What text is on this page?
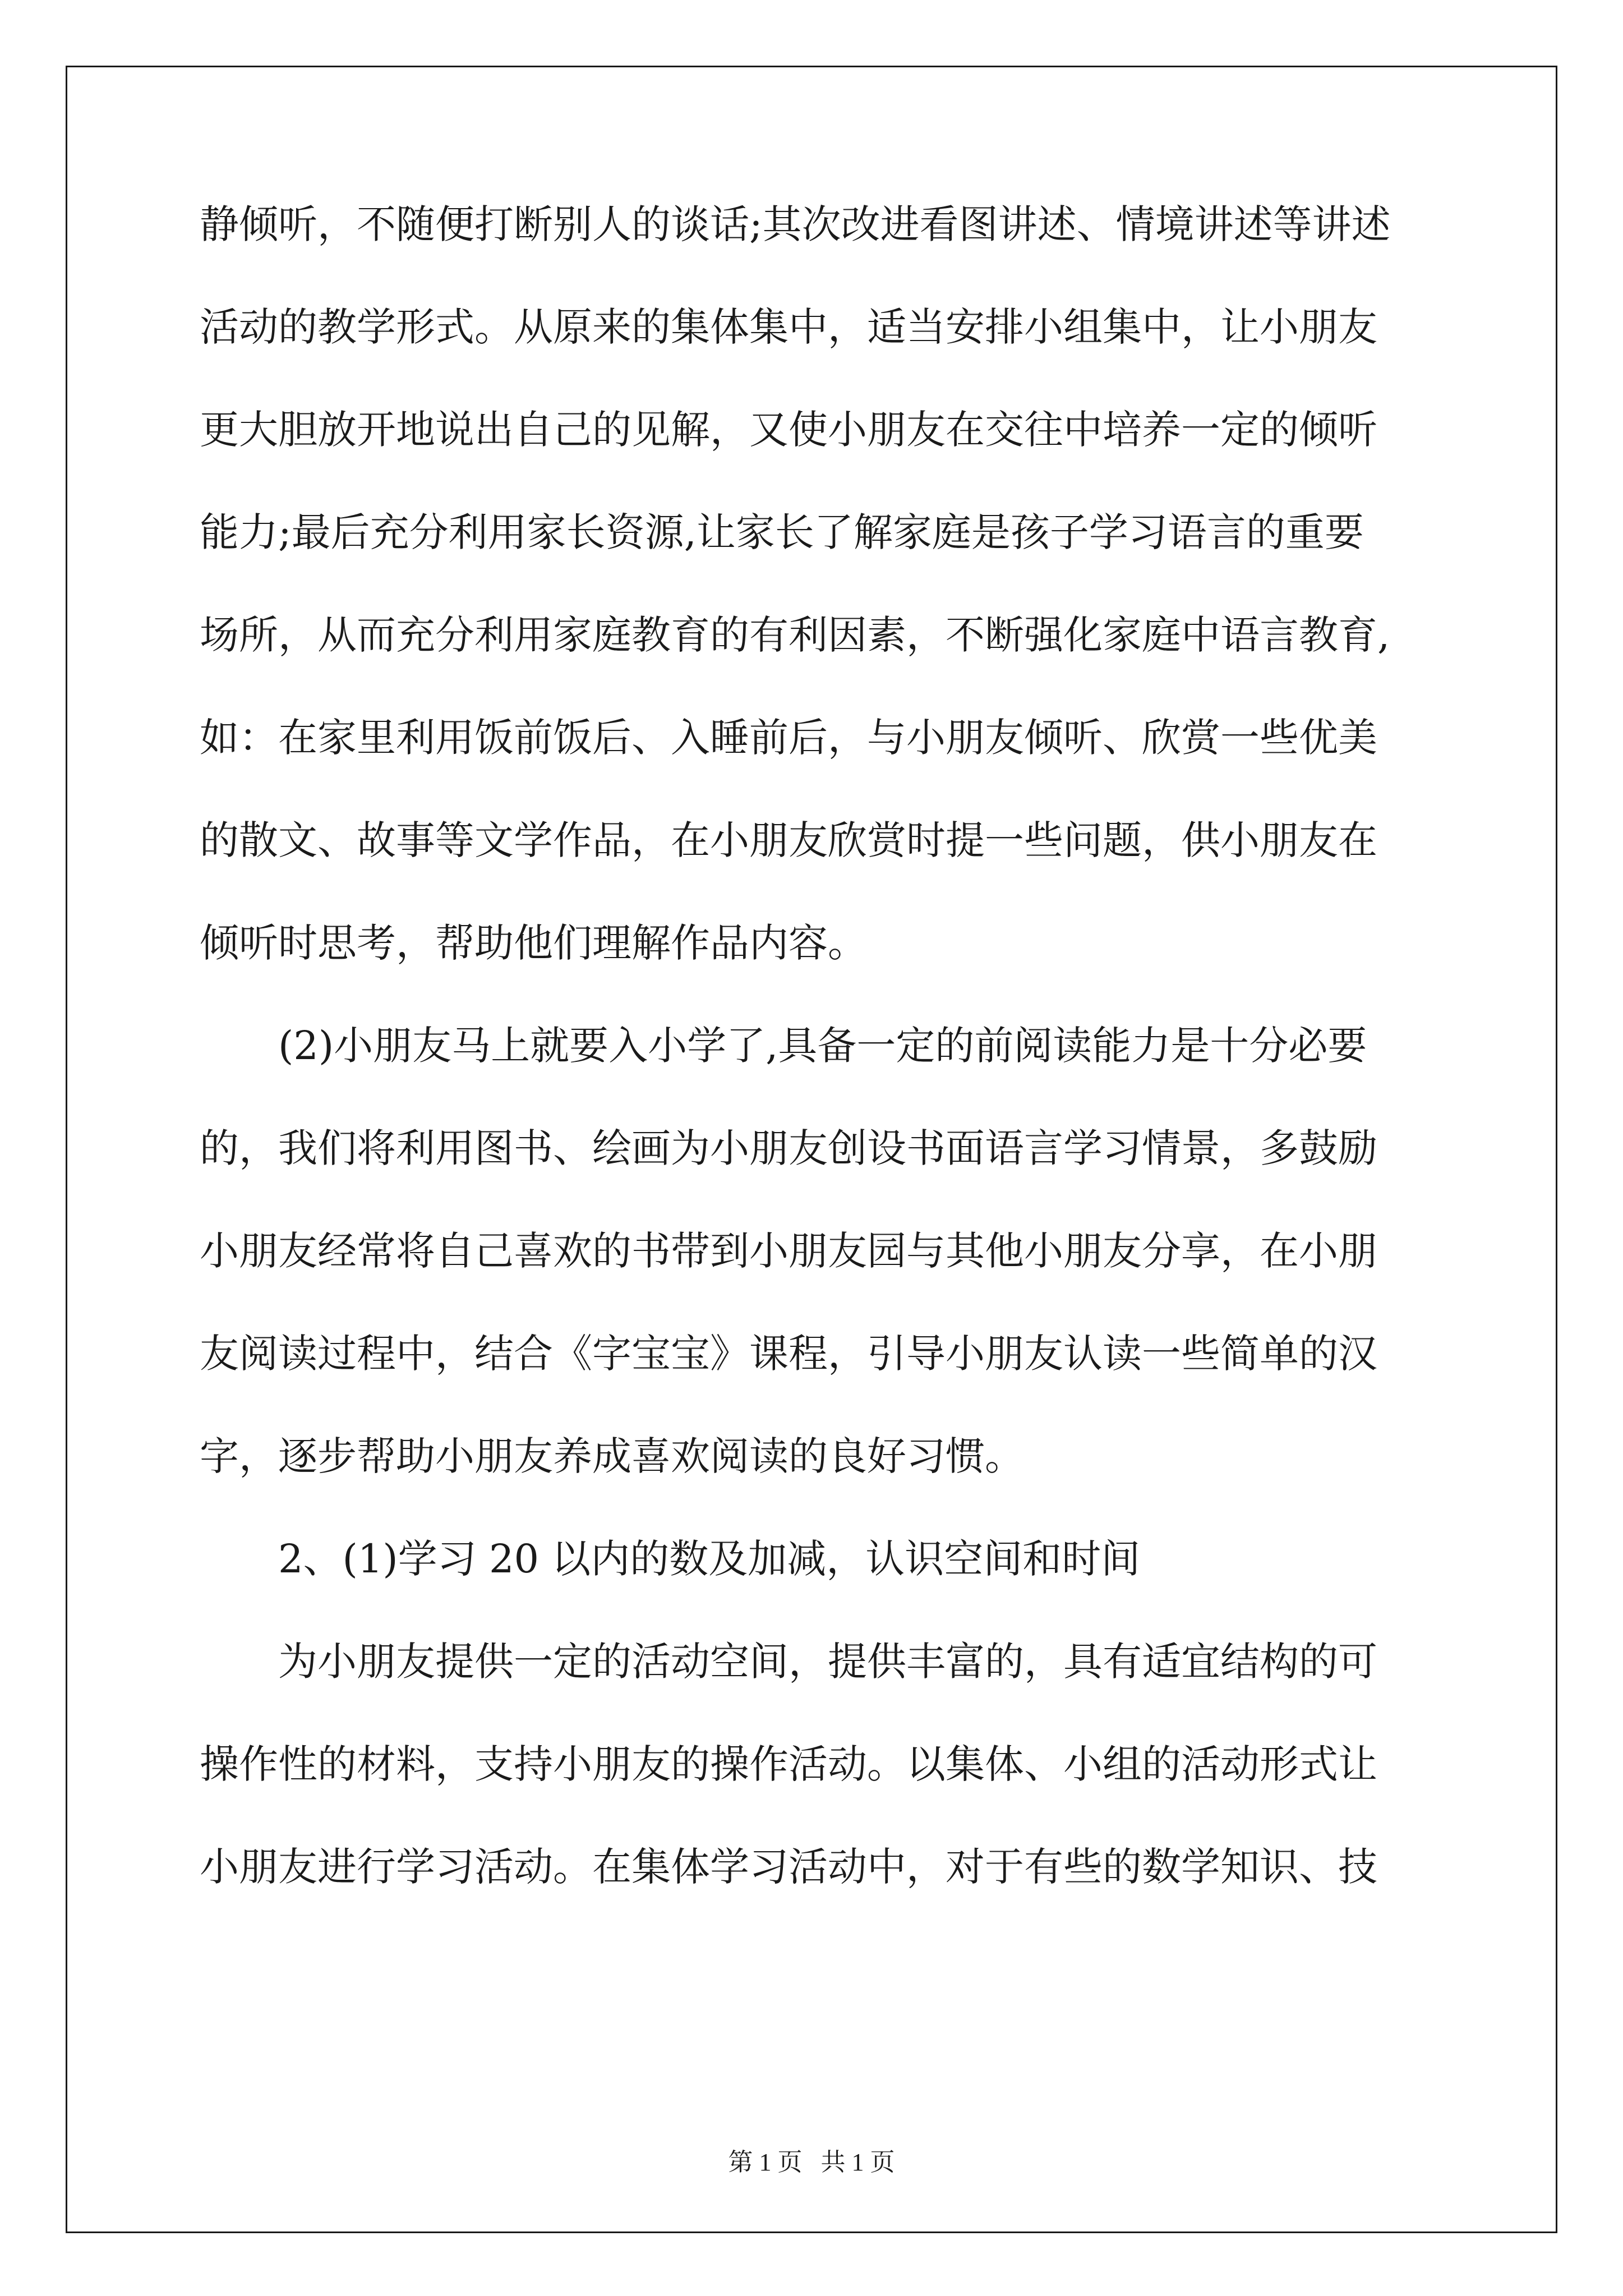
静倾听，不随便打断别人的谈话;其次改进看图讲述、情境讲述等讲述
活动的教学形式。从原来的集体集中，适当安排小组集中，让小朋友
更大胆放开地说出自己的见解，又使小朋友在交往中培养一定的倾听
能力;最后充分利用家长资源,让家长了解家庭是孩子学习语言的重要
场所，从而充分利用家庭教育的有利因素，不断强化家庭中语言教育,
如：在家里利用饭前饭后、入睡前后，与小朋友倾听、欣赏一些优美
的散文、故事等文学作品，在小朋友欣赏时提一些问题，供小朋友在
倾听时思考，帮助他们理解作品内容。
(2)小朋友马上就要入小学了,具备一定的前阅读能力是十分必要
的，我们将利用图书、绘画为小朋友创设书面语言学习情景，多鼓励
小朋友经常将自己喜欢的书带到小朋友园与其他小朋友分享，在小朋
友阅读过程中，结合《字宝宝》课程，引导小朋友认读一些简单的汉
字，逐步帮助小朋友养成喜欢阅读的良好习惯。
2、(1)学习 20 以内的数及加减，认识空间和时间
为小朋友提供一定的活动空间，提供丰富的，具有适宜结构的可
操作性的材料，支持小朋友的操作活动。以集体、小组的活动形式让
小朋友进行学习活动。在集体学习活动中，对于有些的数学知识、技
第 1 页   共 1 页
